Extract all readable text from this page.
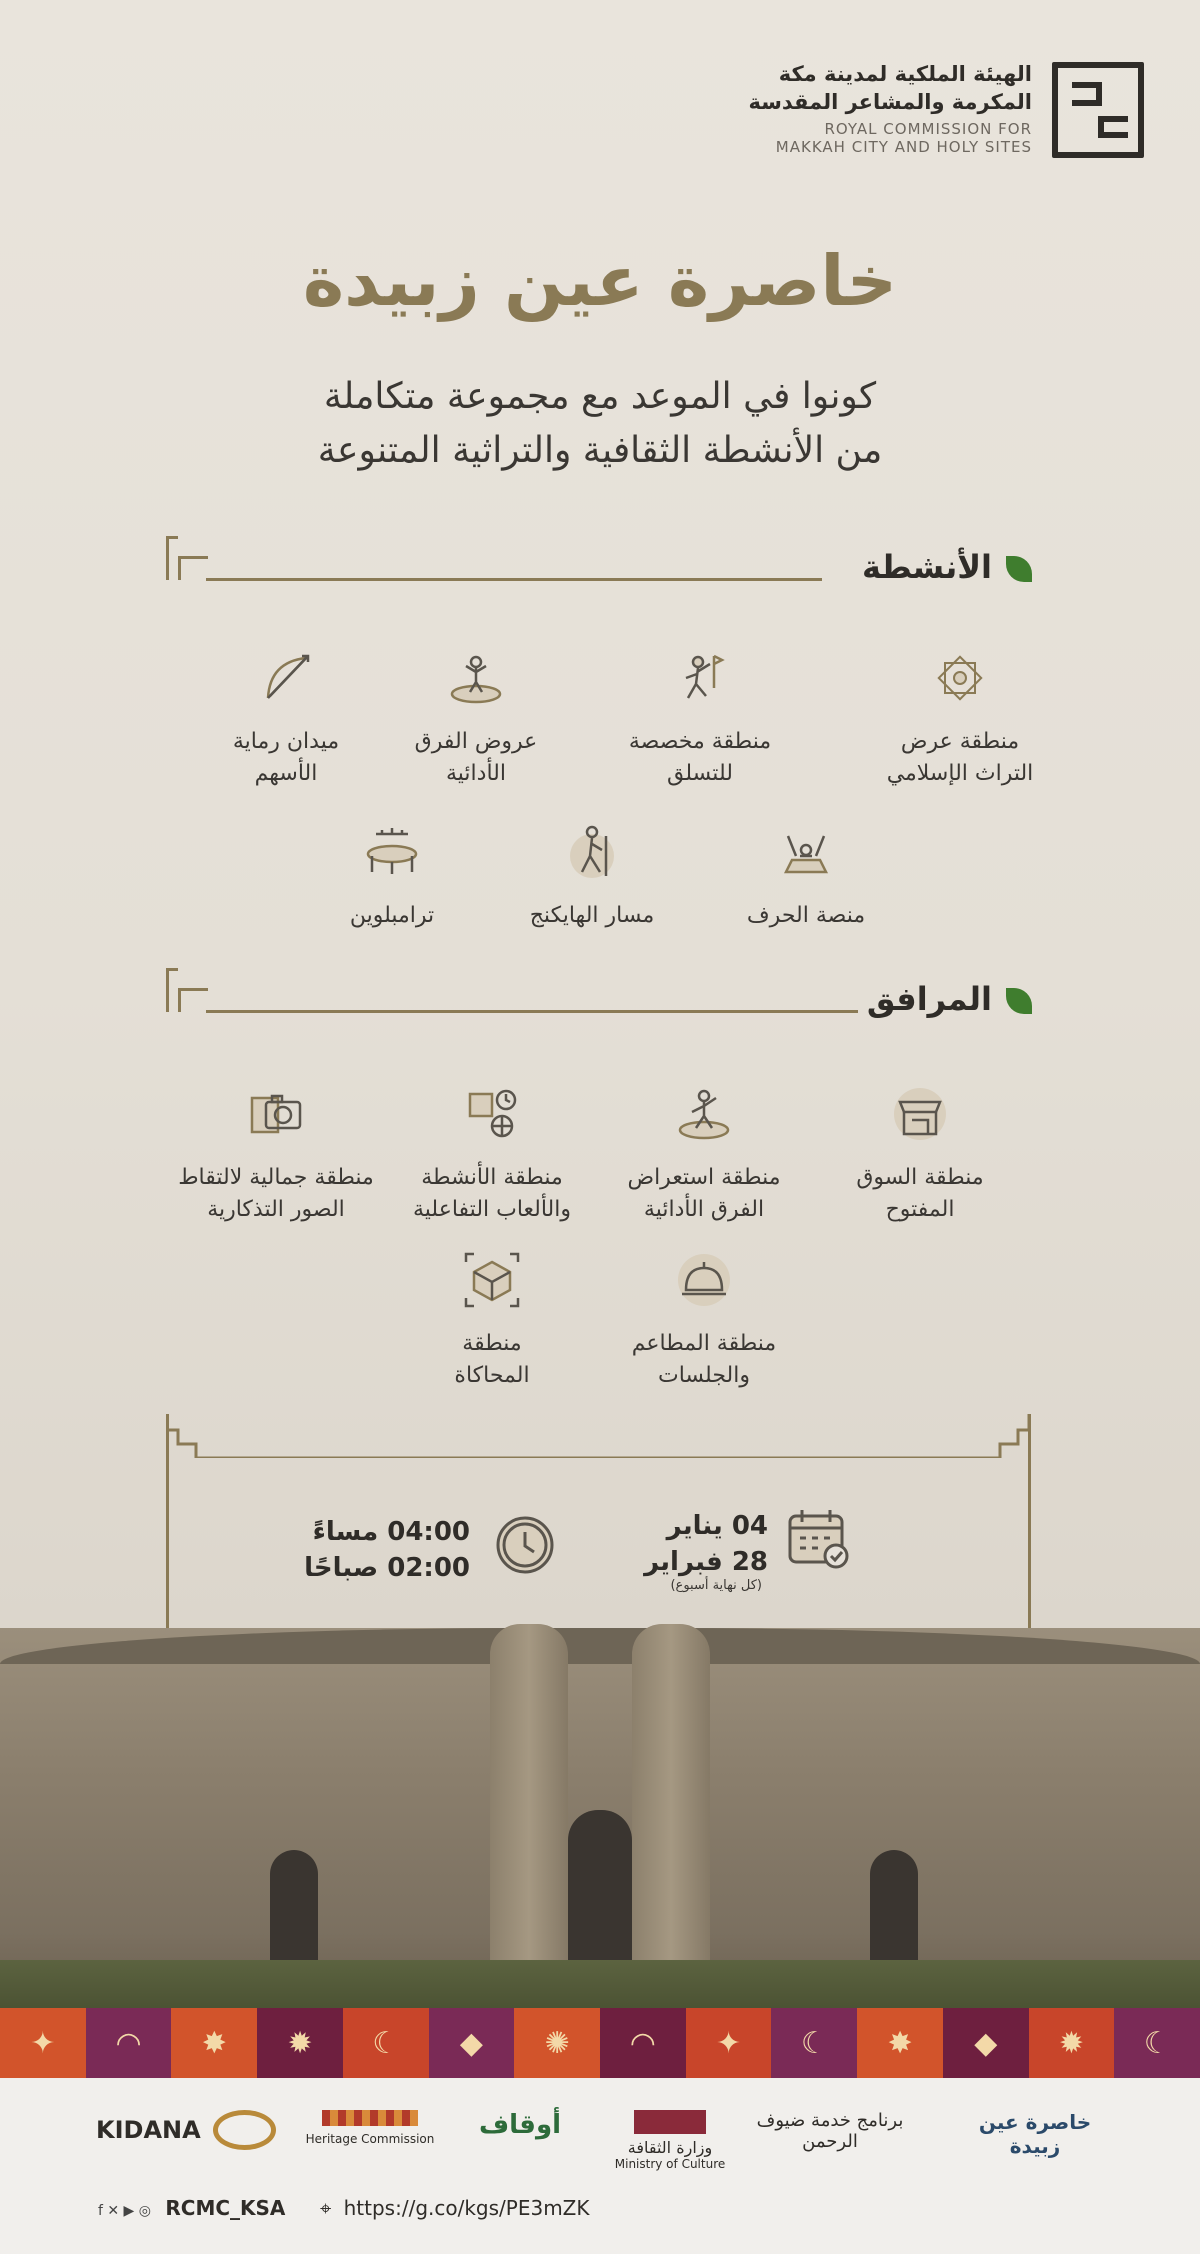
الهيئة الملكية لمدينة مكة
المكرمة والمشاعر المقدسة
ROYAL COMMISSION FOR
MAKKAH CITY AND HOLY SITES
خاصرة عين زبيدة
كونوا في الموعد مع مجموعة متكاملة
من الأنشطة الثقافية والتراثية المتنوعة
الأنشطة
منطقة عرض
التراث الإسلامي
منطقة مخصصة
للتسلق
عروض الفرق
الأدائية
ميدان رماية
الأسهم
منصة الحرف
مسار الهايكنج
ترامبلوين
المرافق
منطقة السوق
المفتوح
منطقة استعراض
الفرق الأدائية
منطقة الأنشطة
والألعاب التفاعلية
منطقة جمالية لالتقاط
الصور التذكارية
منطقة المطاعم
والجلسات
منطقة
المحاكاة
04 يناير
28 فبراير
(كل نهاية أسبوع)
04:00 مساءً
02:00 صباحًا
✦	◠	✸	✹	☾	◆	✺	◠	✦	☾	✸	◆	✹	☾
خاصرة عين زبيدة
برنامج خدمة ضيوف الرحمن
وزارة الثقافة
Ministry of Culture
أوقاف
Heritage Commission
KIDANA
f ✕ ▶ ◎ RCMC_KSA ⌖ https://g.co/kgs/PE3mZK
